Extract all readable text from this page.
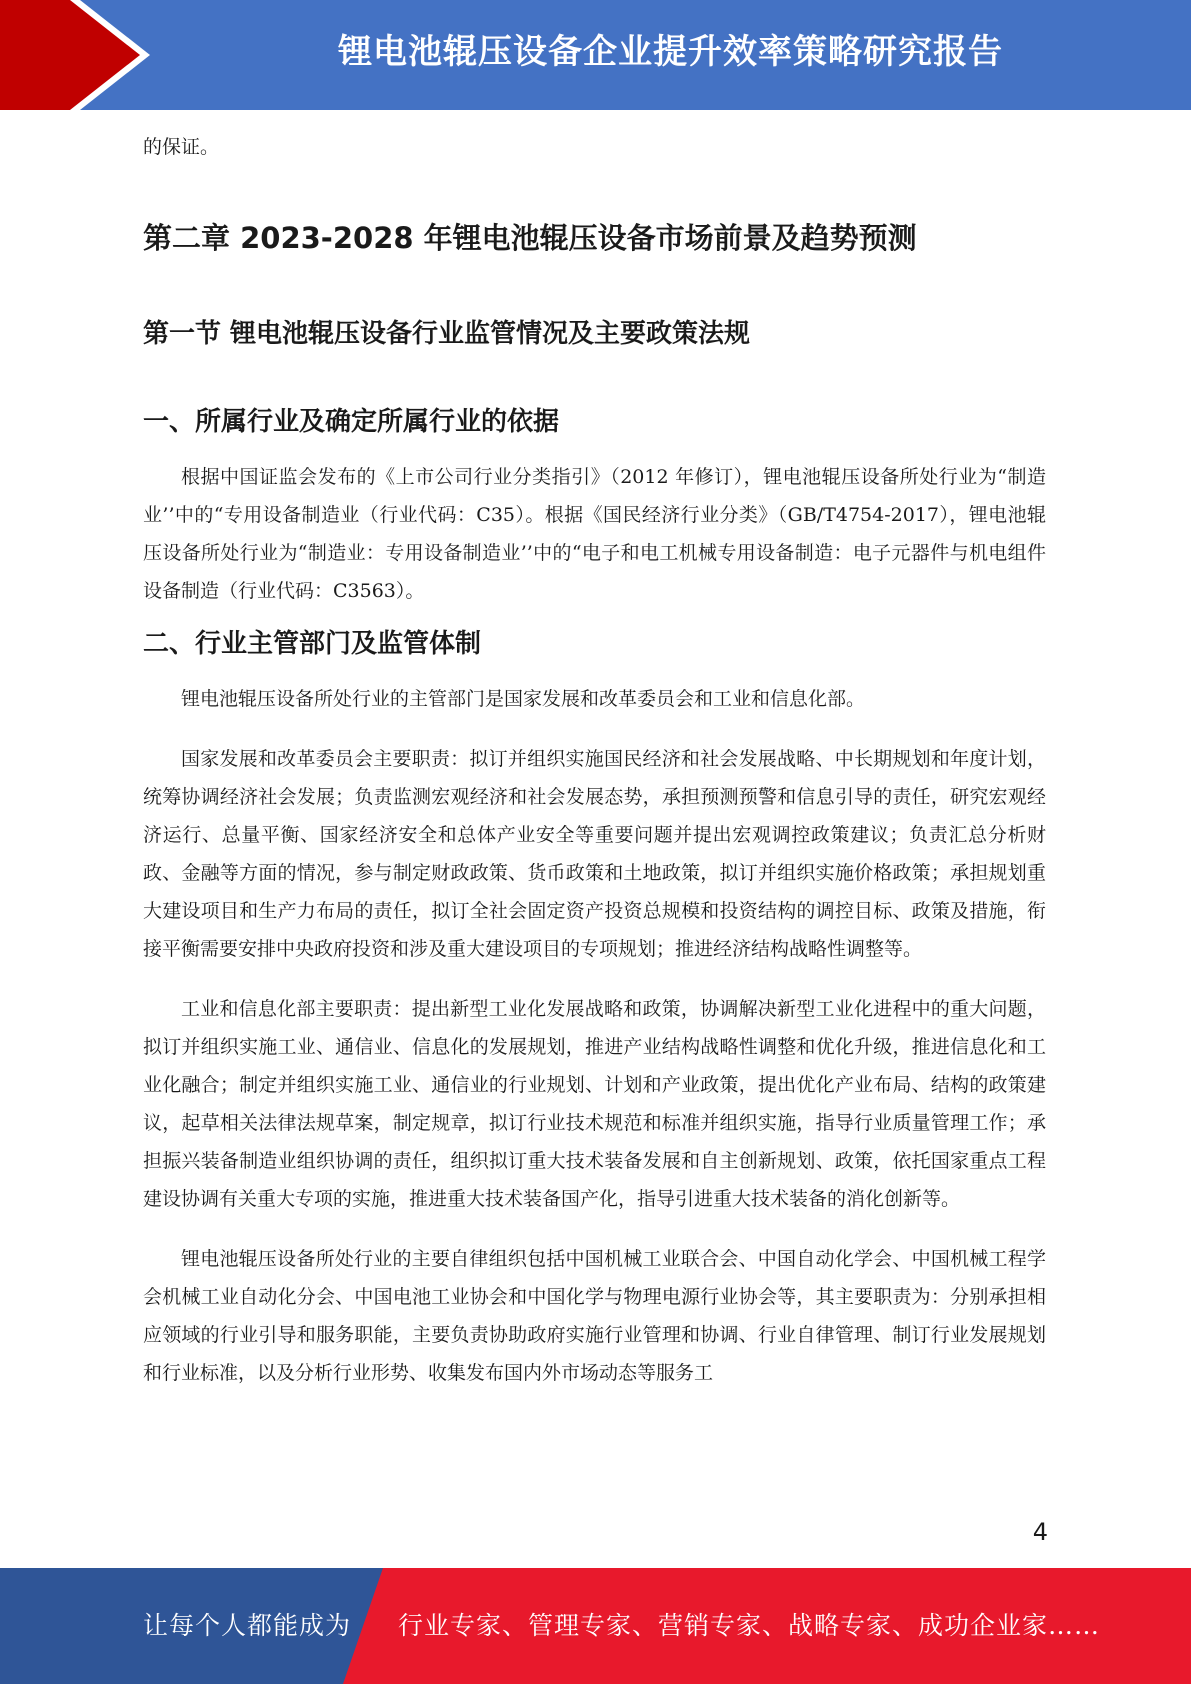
锂电池辊压设备企业提升效率策略研究报告

的保证。

第二章 2023-2028 年锂电池辊压设备市场前景及趋势预测
第一节 锂电池辊压设备行业监管情况及主要政策法规
一、所属行业及确定所属行业的依据

根据中国证监会发布的《上市公司行业分类指引》（2012 年修订），锂电池辊压设备所处行业为“制造业’’中的“专用设备制造业（行业代码：C35）。根据《国民经济行业分类》（GB/T4754-2017），锂电池辊压设备所处行业为“制造业：专用设备制造业’’中的“电子和电工机械专用设备制造：电子元器件与机电组件设备制造（行业代码：C3563）。

二、行业主管部门及监管体制

锂电池辊压设备所处行业的主管部门是国家发展和改革委员会和工业和信息化部。

国家发展和改革委员会主要职责：拟订并组织实施国民经济和社会发展战略、中长期规划和年度计划，统筹协调经济社会发展；负责监测宏观经济和社会发展态势，承担预测预警和信息引导的责任，研究宏观经济运行、总量平衡、国家经济安全和总体产业安全等重要问题并提出宏观调控政策建议；负责汇总分析财政、金融等方面的情况，参与制定财政政策、货币政策和土地政策，拟订并组织实施价格政策；承担规划重大建设项目和生产力布局的责任，拟订全社会固定资产投资总规模和投资结构的调控目标、政策及措施，衔接平衡需要安排中央政府投资和涉及重大建设项目的专项规划；推进经济结构战略性调整等。

工业和信息化部主要职责：提出新型工业化发展战略和政策，协调解决新型工业化进程中的重大问题，拟订并组织实施工业、通信业、信息化的发展规划，推进产业结构战略性调整和优化升级，推进信息化和工业化融合；制定并组织实施工业、通信业的行业规划、计划和产业政策，提出优化产业布局、结构的政策建议，起草相关法律法规草案，制定规章，拟订行业技术规范和标准并组织实施，指导行业质量管理工作；承担振兴装备制造业组织协调的责任，组织拟订重大技术装备发展和自主创新规划、政策，依托国家重点工程建设协调有关重大专项的实施，推进重大技术装备国产化，指导引进重大技术装备的消化创新等。

锂电池辊压设备所处行业的主要自律组织包括中国机械工业联合会、中国自动化学会、中国机械工程学会机械工业自动化分会、中国电池工业协会和中国化学与物理电源行业协会等，其主要职责为：分别承担相应领域的行业引导和服务职能，主要负责协助政府实施行业管理和协调、行业自律管理、制订行业发展规划和行业标准，以及分析行业形势、收集发布国内外市场动态等服务工

4
让每个人都能成为 行业专家、管理专家、营销专家、战略专家、成功企业家……
